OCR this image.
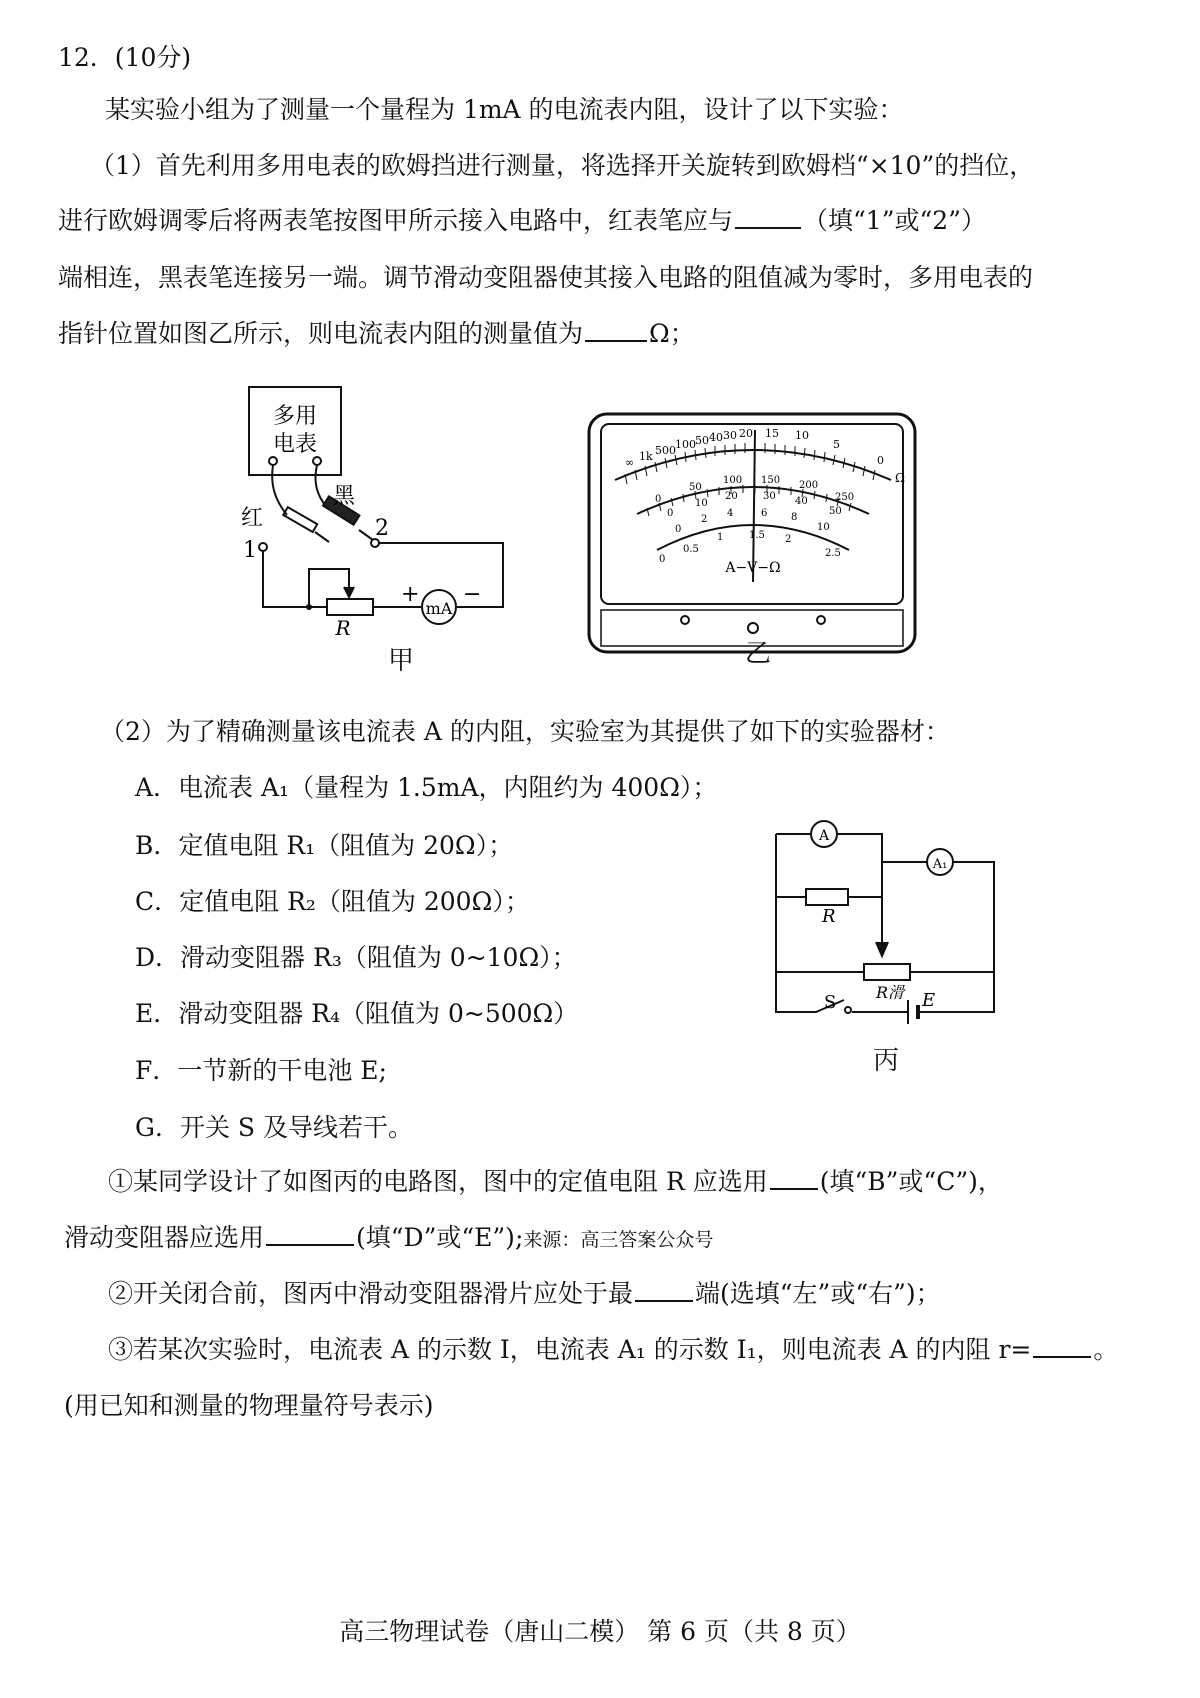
12．(10分)
某实验小组为了测量一个量程为 1mA 的电流表内阻，设计了以下实验：
（1）首先利用多用电表的欧姆挡进行测量，将选择开关旋转到欧姆档“×10”的挡位，
进行欧姆调零后将两表笔按图甲所示接入电路中，红表笔应与	（填“1”或“2”）
端相连，黑表笔连接另一端。调节滑动变阻器使其接入电路的阻值减为零时，多用电表的
指针位置如图乙所示，则电流表内阻的测量值为	Ω；
多用
电表
红
黑
1
2
+ −
mA
R
甲
∞ 1k 500 100 50 40 30 20 15 10
5
0
Ω
0
50
100 150 200
250
0
10
20	30 40
50
0
2
4	6 8
10
0
0.5
1	1.5 2
2.5
A−V−Ω
乙
（2）为了精确测量该电流表 A 的内阻，实验室为其提供了如下的实验器材：
A．电流表 A₁（量程为 1.5mA，内阻约为 400Ω）；
B．定值电阻 R₁（阻值为 20Ω）；
C．定值电阻 R₂（阻值为 200Ω）；
D．滑动变阻器 R₃（阻值为 0~10Ω）；
E．滑动变阻器 R₄（阻值为 0~500Ω）
F．一节新的干电池 E;
G．开关 S 及导线若干。
A
A₁
R
R滑
S	E
丙
①某同学设计了如图丙的电路图，图中的定值电阻 R 应选用 (填“B”或“C”)，
滑动变阻器应选用	(填“D”或“E”);来源：高三答案公众号
②开关闭合前，图丙中滑动变阻器滑片应处于最 端(选填“左”或“右”)；
③若某次实验时，电流表 A 的示数 I，电流表 A₁ 的示数 I₁，则电流表 A 的内阻 r= 。
(用已知和测量的物理量符号表示)
高三物理试卷（唐山二模） 第 6 页（共 8 页）
